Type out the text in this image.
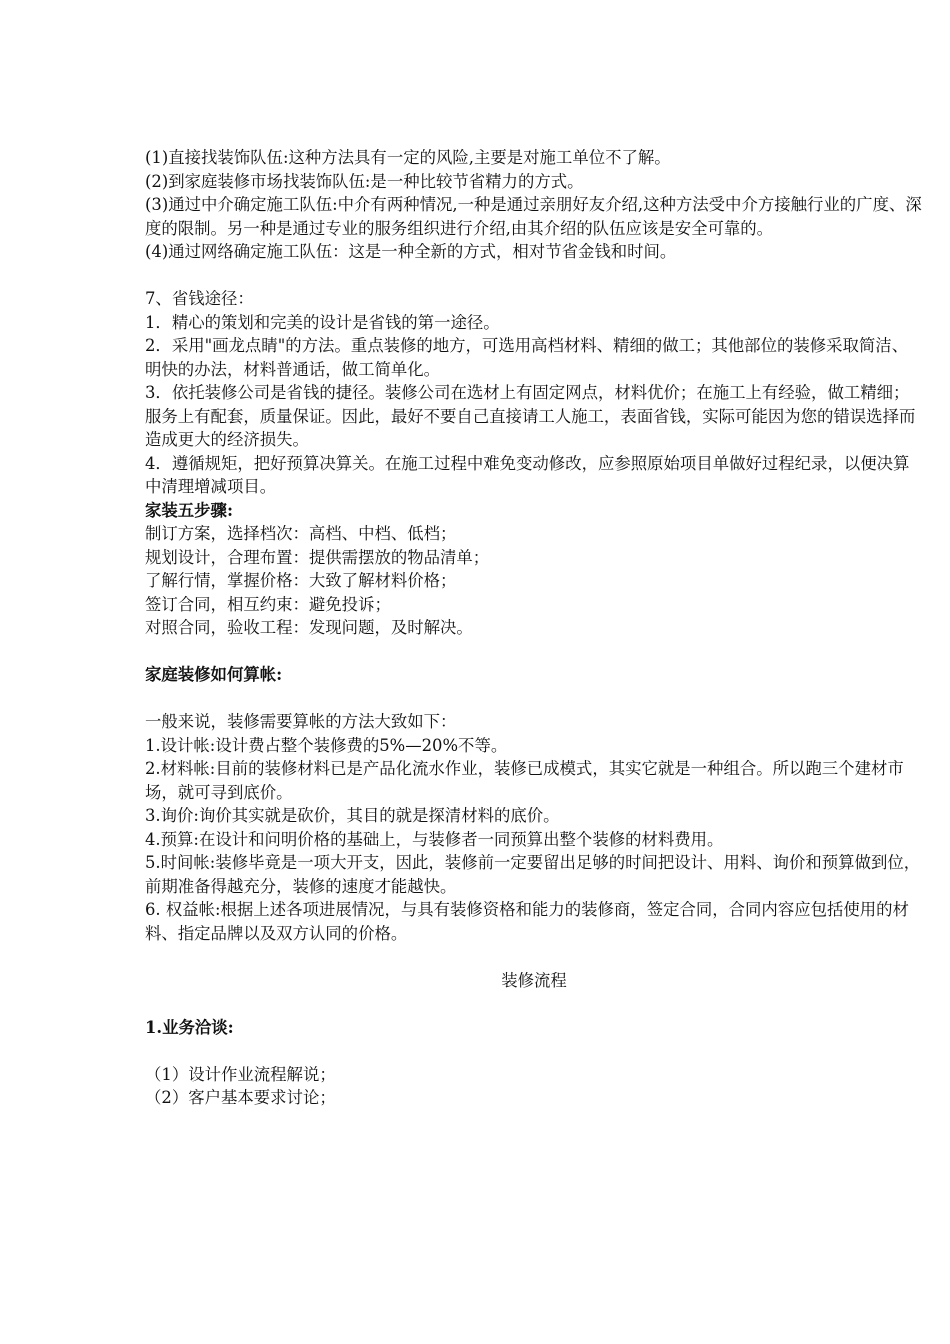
(1)直接找装饰队伍:这种方法具有一定的风险,主要是对施工单位不了解。

(2)到家庭装修市场找装饰队伍:是一种比较节省精力的方式。

(3)通过中介确定施工队伍:中介有两种情况,一种是通过亲朋好友介绍,这种方法受中介方接触行业的广度、深度的限制。另一种是通过专业的服务组织进行介绍,由其介绍的队伍应该是安全可靠的。

(4)通过网络确定施工队伍：这是一种全新的方式，相对节省金钱和时间。

7、省钱途径：

1．精心的策划和完美的设计是省钱的第一途径。

2．采用"画龙点睛"的方法。重点装修的地方，可选用高档材料、精细的做工；其他部位的装修采取简洁、明快的办法，材料普通话，做工简单化。

3．依托装修公司是省钱的捷径。装修公司在选材上有固定网点，材料优价；在施工上有经验，做工精细；服务上有配套，质量保证。因此，最好不要自己直接请工人施工，表面省钱，实际可能因为您的错误选择而造成更大的经济损失。

4．遵循规矩，把好预算决算关。在施工过程中难免变动修改，应参照原始项目单做好过程纪录，以便决算中清理增减项目。

家装五步骤:

制订方案，选择档次：高档、中档、低档；

规划设计，合理布置：提供需摆放的物品清单；

了解行情，掌握价格：大致了解材料价格；

签订合同，相互约束：避免投诉；

对照合同，验收工程：发现问题，及时解决。

家庭装修如何算帐:

一般来说，装修需要算帐的方法大致如下：

1.设计帐:设计费占整个装修费的5%—20%不等。

2.材料帐:目前的装修材料已是产品化流水作业，装修已成模式，其实它就是一种组合。所以跑三个建材市场，就可寻到底价。

3.询价:询价其实就是砍价，其目的就是探清材料的底价。

4.预算:在设计和问明价格的基础上，与装修者一同预算出整个装修的材料费用。

5.时间帐:装修毕竟是一项大开支，因此，装修前一定要留出足够的时间把设计、用料、询价和预算做到位，前期准备得越充分，装修的速度才能越快。

6. 权益帐:根据上述各项进展情况，与具有装修资格和能力的装修商，签定合同，合同内容应包括使用的材料、指定品牌以及双方认同的价格。

装修流程

1.业务洽谈:

（1）设计作业流程解说；

（2）客户基本要求讨论；
